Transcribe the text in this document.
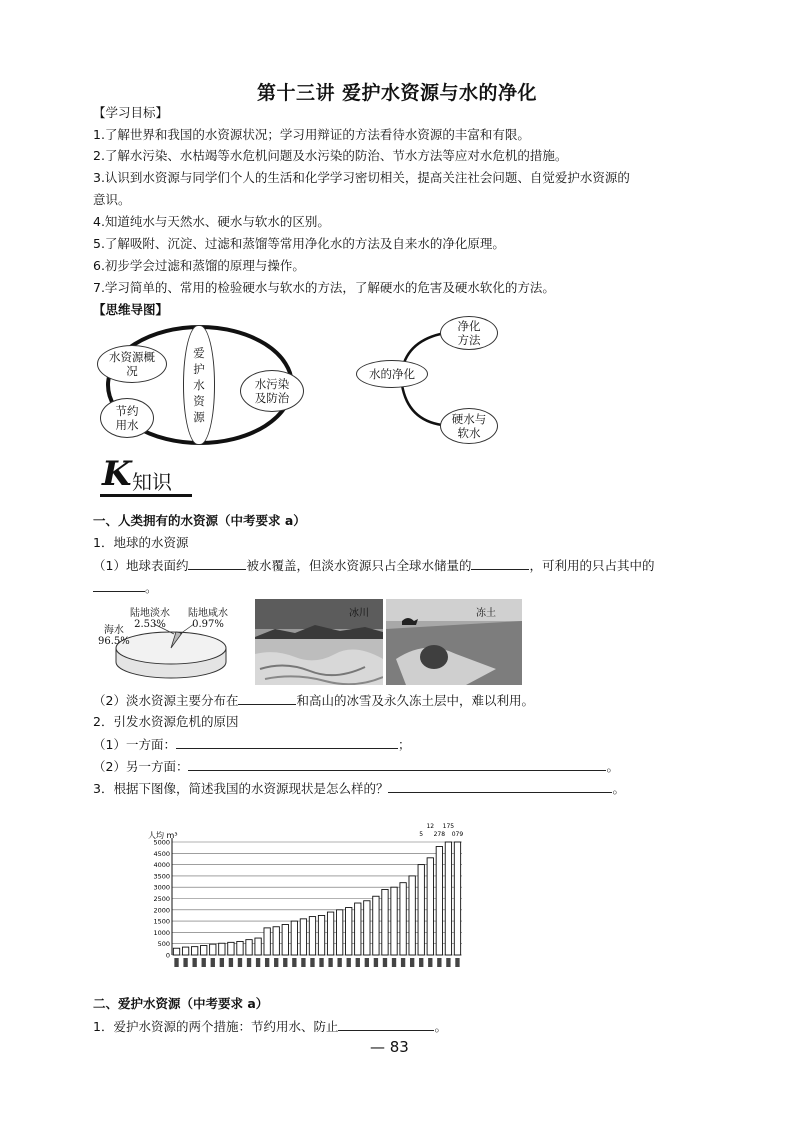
第十三讲 爱护水资源与水的净化
【学习目标】
1.了解世界和我国的水资源状况；学习用辩证的方法看待水资源的丰富和有限。
2.了解水污染、水枯竭等水危机问题及水污染的防治、节水方法等应对水危机的措施。
3.认识到水资源与同学们个人的生活和化学学习密切相关，提高关注社会问题、自觉爱护水资源的
意识。
4.知道纯水与天然水、硬水与软水的区别。
5.了解吸附、沉淀、过滤和蒸馏等常用净化水的方法及自来水的净化原理。
6.初步学会过滤和蒸馏的原理与操作。
7.学习简单的、常用的检验硬水与软水的方法，了解硬水的危害及硬水软化的方法。
【思维导图】
水资源概况
节约用水
爱护水资源
水污染及防治
水的净化
净化方法
硬水与软水
K 知识
一、人类拥有的水资源（中考要求 a）
1．地球的水资源
（1）地球表面约	被水覆盖，但淡水资源只占全球水储量的	，可利用的只占其中的
。
陆地淡水
2.53%
陆地咸水
0.97%
海水
96.5%
冰川	冻土
（2）淡水资源主要分布在	和高山的冰雪及永久冻土层中，难以利用。
2．引发水资源危机的原因
（1）一方面：	；
（2）另一方面：	。
3．根据下图像，简述我国的水资源现状是怎么样的？	。
人均 m³
0
500
1000
1500
2000
2500
3000
3500
4000
4500
5000
5
12
278
175
079
二、爱护水资源（中考要求 a）
1．爱护水资源的两个措施：节约用水、防止	。
— 83
